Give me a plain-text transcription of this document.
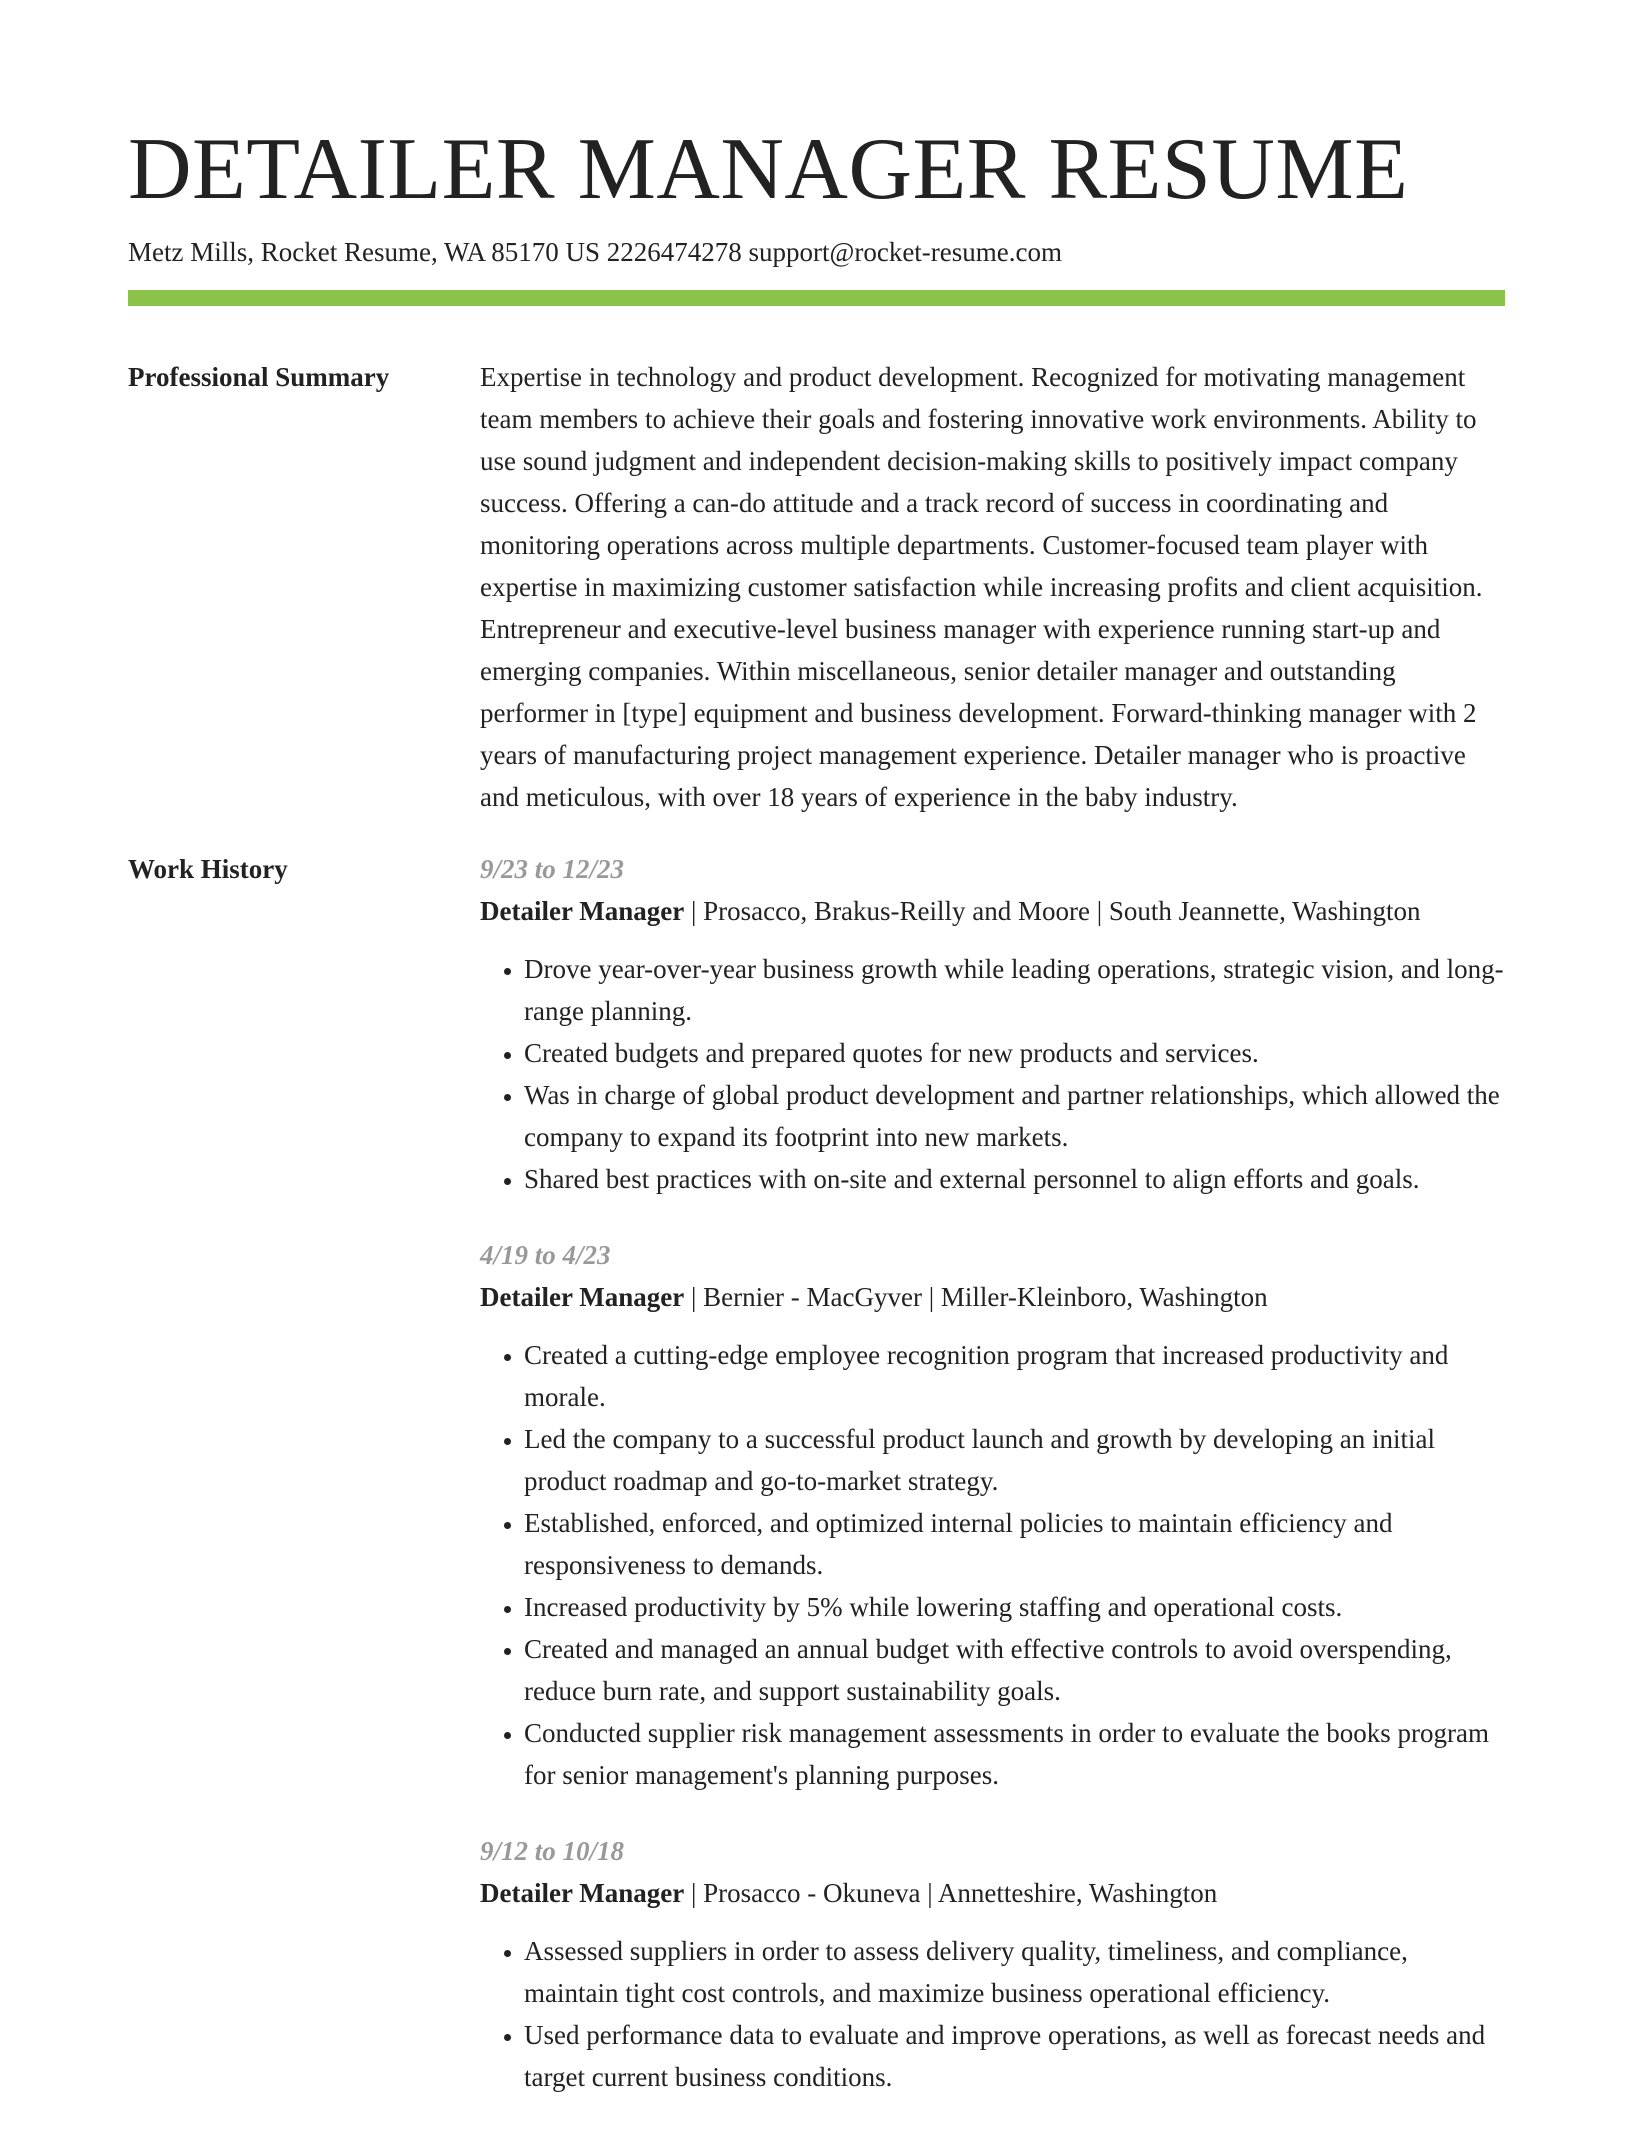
DETAILER MANAGER RESUME
Metz Mills, Rocket Resume, WA 85170 US 2226474278 support@rocket-resume.com
Professional Summary	Expertise in technology and product development. Recognized for motivating management team members to achieve their goals and fostering innovative work environments. Ability to use sound judgment and independent decision-making skills to positively impact company success. Offering a can-do attitude and a track record of success in coordinating and monitoring operations across multiple departments. Customer-focused team player with expertise in maximizing customer satisfaction while increasing profits and client acquisition. Entrepreneur and executive-level business manager with experience running start-up and emerging companies. Within miscellaneous, senior detailer manager and outstanding performer in [type] equipment and business development. Forward-thinking manager with 2 years of manufacturing project management experience. Detailer manager who is proactive and meticulous, with over 18 years of experience in the baby industry.
Work History	9/23 to 12/23
Detailer Manager | Prosacco, Brakus-Reilly and Moore | South Jeannette, Washington
• Drove year-over-year business growth while leading operations, strategic vision, and long-range planning.
• Created budgets and prepared quotes for new products and services.
• Was in charge of global product development and partner relationships, which allowed the company to expand its footprint into new markets.
• Shared best practices with on-site and external personnel to align efforts and goals.
4/19 to 4/23
Detailer Manager | Bernier - MacGyver | Miller-Kleinboro, Washington
• Created a cutting-edge employee recognition program that increased productivity and morale.
• Led the company to a successful product launch and growth by developing an initial product roadmap and go-to-market strategy.
• Established, enforced, and optimized internal policies to maintain efficiency and responsiveness to demands.
• Increased productivity by 5% while lowering staffing and operational costs.
• Created and managed an annual budget with effective controls to avoid overspending, reduce burn rate, and support sustainability goals.
• Conducted supplier risk management assessments in order to evaluate the books program for senior management's planning purposes.
9/12 to 10/18
Detailer Manager | Prosacco - Okuneva | Annetteshire, Washington
• Assessed suppliers in order to assess delivery quality, timeliness, and compliance, maintain tight cost controls, and maximize business operational efficiency.
• Used performance data to evaluate and improve operations, as well as forecast needs and target current business conditions.
